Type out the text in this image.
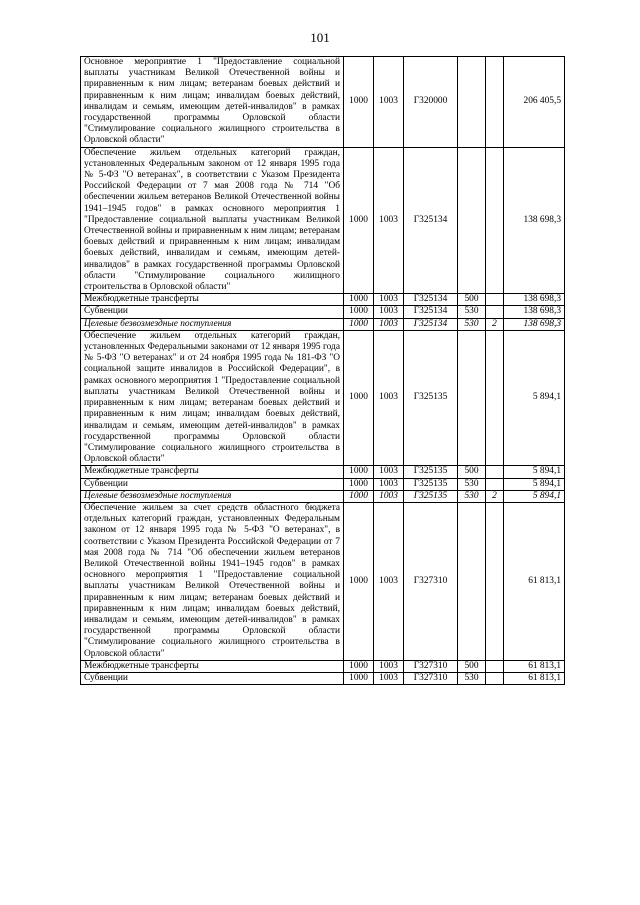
101
Основное мероприятие 1 "Предоставление социальной выплаты участникам Великой Отечественной войны и приравненным к ним лицам; ветеранам боевых действий и приравненным к ним лицам; инвалидам боевых действий, инвалидам и семьям, имеющим детей-инвалидов" в рамках государственной программы Орловской области "Стимулирование социального жилищного строительства в Орловской области"	1000	1003	Г320000			206 405,5
Обеспечение жильем отдельных категорий граждан, установленных Федеральным законом от 12 января 1995 года № 5-ФЗ "О ветеранах", в соответствии с Указом Президента Российской Федерации от 7 мая 2008 года № 714 "Об обеспечении жильем ветеранов Великой Отечественной войны 1941–1945 годов" в рамках основного мероприятия 1 "Предоставление социальной выплаты участникам Великой Отечественной войны и приравненным к ним лицам; ветеранам боевых действий и приравненным к ним лицам; инвалидам боевых действий, инвалидам и семьям, имеющим детей-инвалидов" в рамках государственной программы Орловской области "Стимулирование социального жилищного строительства в Орловской области"	1000	1003	Г325134			138 698,3
Межбюджетные трансферты	1000	1003	Г325134	500		138 698,3
Субвенции	1000	1003	Г325134	530		138 698,3
Целевые безвозмездные поступления	1000	1003	Г325134	530	2	138 698,3
Обеспечение жильем отдельных категорий граждан, установленных Федеральными законами от 12 января 1995 года № 5-ФЗ "О ветеранах" и от 24 ноября 1995 года № 181-ФЗ "О социальной защите инвалидов в Российской Федерации", в рамках основного мероприятия 1 "Предоставление социальной выплаты участникам Великой Отечественной войны и приравненным к ним лицам; ветеранам боевых действий и приравненным к ним лицам; инвалидам боевых действий, инвалидам и семьям, имеющим детей-инвалидов" в рамках государственной программы Орловской области "Стимулирование социального жилищного строительства в Орловской области"	1000	1003	Г325135			5 894,1
Межбюджетные трансферты	1000	1003	Г325135	500		5 894,1
Субвенции	1000	1003	Г325135	530		5 894,1
Целевые безвозмездные поступления	1000	1003	Г325135	530	2	5 894,1
Обеспечение жильем за счет средств областного бюджета отдельных категорий граждан, установленных Федеральным законом от 12 января 1995 года № 5-ФЗ "О ветеранах", в соответствии с Указом Президента Российской Федерации от 7 мая 2008 года № 714 "Об обеспечении жильем ветеранов Великой Отечественной войны 1941–1945 годов" в рамках основного мероприятия 1 "Предоставление социальной выплаты участникам Великой Отечественной войны и приравненным к ним лицам; ветеранам боевых действий и приравненным к ним лицам; инвалидам боевых действий, инвалидам и семьям, имеющим детей-инвалидов" в рамках государственной программы Орловской области "Стимулирование социального жилищного строительства в Орловской области"	1000	1003	Г327310			61 813,1
Межбюджетные трансферты	1000	1003	Г327310	500		61 813,1
Субвенции	1000	1003	Г327310	530		61 813,1
